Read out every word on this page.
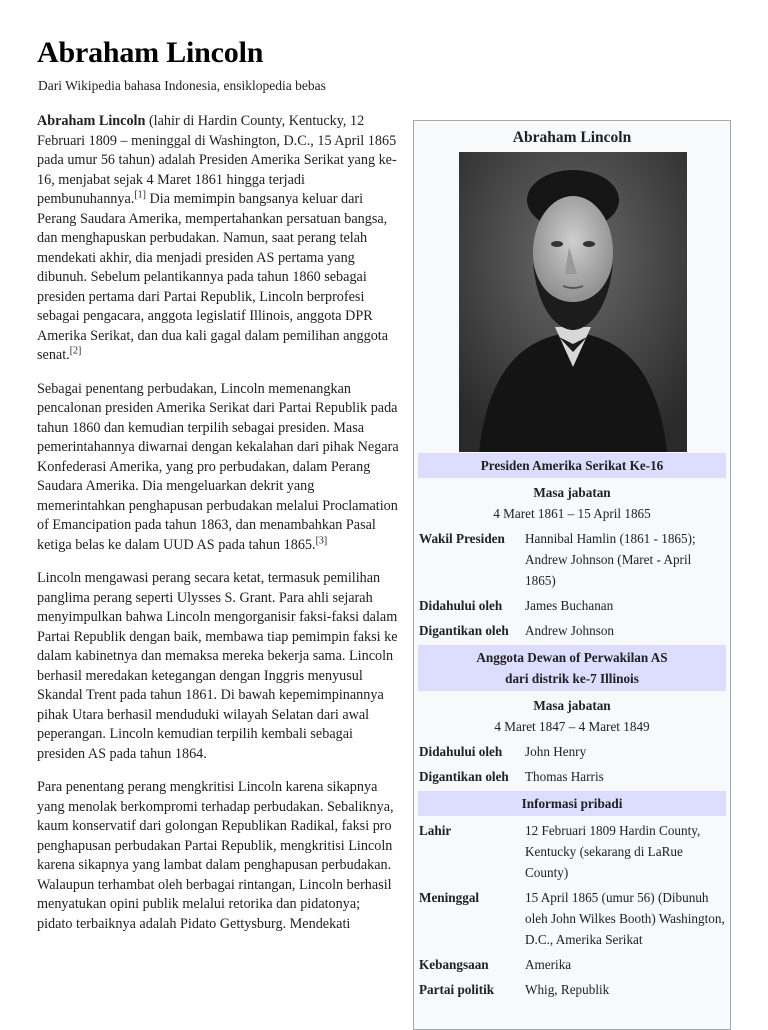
Abraham Lincoln
Dari Wikipedia bahasa Indonesia, ensiklopedia bebas

Abraham Lincoln (lahir di Hardin County, Kentucky, 12 Februari 1809 – meninggal di Washington, D.C., 15 April 1865 pada umur 56 tahun) adalah Presiden Amerika Serikat yang ke-16, menjabat sejak 4 Maret 1861 hingga terjadi pembunuhannya.[1] Dia memimpin bangsanya keluar dari Perang Saudara Amerika, mempertahankan persatuan bangsa, dan menghapuskan perbudakan. Namun, saat perang telah mendekati akhir, dia menjadi presiden AS pertama yang dibunuh. Sebelum pelantikannya pada tahun 1860 sebagai presiden pertama dari Partai Republik, Lincoln berprofesi sebagai pengacara, anggota legislatif Illinois, anggota DPR Amerika Serikat, dan dua kali gagal dalam pemilihan anggota senat.[2]

Sebagai penentang perbudakan, Lincoln memenangkan pencalonan presiden Amerika Serikat dari Partai Republik pada tahun 1860 dan kemudian terpilih sebagai presiden. Masa pemerintahannya diwarnai dengan kekalahan dari pihak Negara Konfederasi Amerika, yang pro perbudakan, dalam Perang Saudara Amerika. Dia mengeluarkan dekrit yang memerintahkan penghapusan perbudakan melalui Proclamation of Emancipation pada tahun 1863, dan menambahkan Pasal ketiga belas ke dalam UUD AS pada tahun 1865.[3]

Lincoln mengawasi perang secara ketat, termasuk pemilihan panglima perang seperti Ulysses S. Grant. Para ahli sejarah menyimpulkan bahwa Lincoln mengorganisir faksi-faksi dalam Partai Republik dengan baik, membawa tiap pemimpin faksi ke dalam kabinetnya dan memaksa mereka bekerja sama. Lincoln berhasil meredakan ketegangan dengan Inggris menyusul Skandal Trent pada tahun 1861. Di bawah kepemimpinannya pihak Utara berhasil menduduki wilayah Selatan dari awal peperangan. Lincoln kemudian terpilih kembali sebagai presiden AS pada tahun 1864.

Para penentang perang mengkritisi Lincoln karena sikapnya yang menolak berkompromi terhadap perbudakan. Sebaliknya, kaum konservatif dari golongan Republikan Radikal, faksi pro penghapusan perbudakan Partai Republik, mengkritisi Lincoln karena sikapnya yang lambat dalam penghapusan perbudakan. Walaupun terhambat oleh berbagai rintangan, Lincoln berhasil menyatukan opini publik melalui retorika dan pidatonya; pidato terbaiknya adalah Pidato Gettysburg. Mendekati

Abraham Lincoln
Presiden Amerika Serikat Ke-16
Masa jabatan
4 Maret 1861 – 15 April 1865
Wakil Presiden	Hannibal Hamlin (1861 - 1865); Andrew Johnson (Maret - April 1865)
Didahului oleh	James Buchanan
Digantikan oleh	Andrew Johnson
Anggota Dewan of Perwakilan AS
dari distrik ke-7 Illinois
Masa jabatan
4 Maret 1847 – 4 Maret 1849
Didahului oleh	John Henry
Digantikan oleh	Thomas Harris
Informasi pribadi
Lahir	12 Februari 1809 Hardin County, Kentucky (sekarang di LaRue County)
Meninggal	15 April 1865 (umur 56) (Dibunuh oleh John Wilkes Booth) Washington, D.C., Amerika Serikat
Kebangsaan	Amerika
Partai politik	Whig, Republik
